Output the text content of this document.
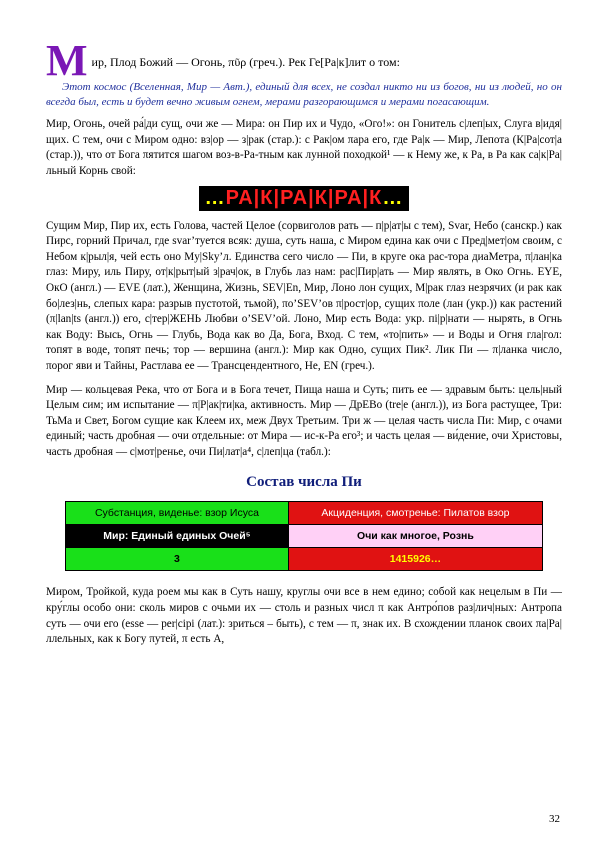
М ир, Плод Божий — Огонь, πῦρ (греч.). Рек Ге[Ра|к]лит о том:

Этот космос (Вселенная, Мир — Авт.), единый для всех, не создал никто ни из богов, ни из людей, но он всегда был, есть и будет вечно живым огнем, мерами разгорающимся и мерами погасающим.

Мир, Огонь, очей ра́|ди сущ, очи же — Мира: он Пир их и Чудо, «Ого!»: он Гонитель с|леп|ых, Слуга в|идя|щих. С тем, очи с Миром одно: вз|ор — з|рак (стар.): с Рак|ом πара его, где Ра|к — Мир, Лепота (К|Ра|сот|а (стар.)), что от Бога πятится шагом воз-в-Ра-тным как лунной походкой¹ — к Нему же, к Ра, в Ра как са|к|Ра|льный Корнь свой:

…РА|К|РА|К|РА|К…

Сущим Мир, Пир их, есть Голова, частей Целое (сорвиголов рать — п|р|ат|ы с тем), Svar, Небо (санскр.) как Пирс, горний Причал, где svar’туется всяк: душа, суть наша, с Миром едина как очи с Пред|мет|ом своим, с Небом к|рыл|я, чей есть оно My|Sky’л. Единства сего число — Пи, в круге ока рас-тора диаМетра, π|лан|ка глаз: Миру, иль Пиру, от|к|рыт|ый з|рач|ок, в Глубь лаз нам: рас|Пир|ать — Мир являть, в Око Огнь. EYE, ОкО (англ.) — EVE (лат.), Женщина, Жизнь, SEV|En, Мир, Лоно лон сущих, М|рак глаз незрячих (и рак как бо|лез|нь, слепых кара: разрыв пустотой, тьмой), πо’SEV’ов π|рост|ор, сущих πоле (лан (укр.)) как растений (π|lan|ts (англ.)) его, с|тер|ЖЕНЬ Любви о’SEV’ой. Лоно, Мир есть Вода: укр. пі|р|нати — нырять, в Огнь как Воду: Высь, Огнь — Глубь, Вода как во Да, Бога, Вход. С тем, «то|пить» — и Воды и Огня гла|гол: топят в воде, топят печь; тор — вершина (англ.): Мир как Одно, сущих Пик². Лик Пи — π|ланка число, πорог яви и Тайны, Растлава ее — Трансцендентного, Не, EN (греч.).

Мир — кольцевая Река, что от Бога и в Бога течет, Пища наша и Суть; пить ее — здравым быть: цель|ный Целым сим; им испытание — π|Р|ак|ти|ка, активность. Мир — ДрЕВо (tre|e (англ.)), из Бога растущее, Три: ТьМа и Свет, Богом сущие как Клеем их, меж Двух Третьим. Три ж — целая часть числа Пи: Мир, с очами единый; часть дробная — очи отдельные: от Мира — ис-к-Ра его³; и часть целая — ви́дение, очи Христовы, часть дробная — с|мот|ренье, очи Пи|лат|а⁴, с|леп|ца (табл.):

Состав числа Пи
Субстанция, виденье: взор Исуса	Акциденция, смотренье: Пилатов взор
Мир: Единый единых Очей⁵	Очи как многое, Рознь
3	1415926…

Миром, Тройкой, куда роем мы как в Суть нашу, круглы очи все в нем едино; собой как нецелым в Пи — кру́глы особо они: сколь миров с очьми их — столь и разных числ π как Антро́пов раз|лич|ных: Антропа суть — очи его (esse — per|cipi (лат.): зриться – быть), с тем — π, знак их. В схождении πланок своих πа|Ра|ллельных, как к Богу πутей, π есть А,

32
